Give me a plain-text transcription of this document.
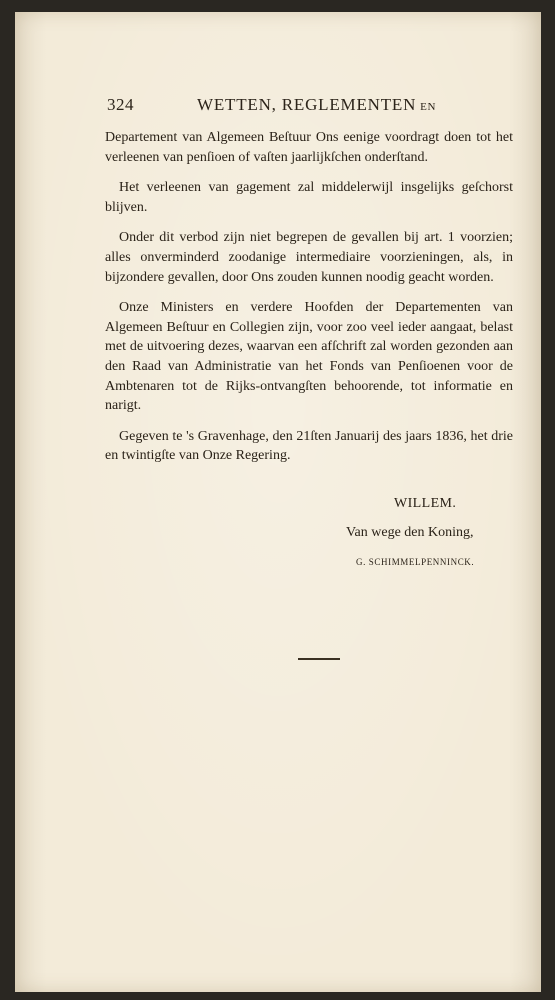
324	WETTEN, REGLEMENTEN EN

Departement van Algemeen Beſtuur Ons eenige voordragt doen tot het verleenen van penſioen of vaſten jaarlijkſchen onderſtand.

Het verleenen van gagement zal middelerwijl insgelijks geſchorst blijven.

Onder dit verbod zijn niet begrepen de gevallen bij art. 1 voorzien; alles onverminderd zoodanige intermediaire voorzieningen, als, in bijzondere gevallen, door Ons zouden kunnen noodig geacht worden.

Onze Ministers en verdere Hoofden der Departementen van Algemeen Beſtuur en Collegien zijn, voor zoo veel ieder aangaat, belast met de uitvoering dezes, waarvan een afſchrift zal worden gezonden aan den Raad van Administratie van het Fonds van Penſioenen voor de Ambtenaren tot de Rijks-ontvangſten behoorende, tot informatie en narigt.

Gegeven te 's Gravenhage, den 21ſten Januarij des jaars 1836, het drie en twintigſte van Onze Regering.

WILLEM.
Van wege den Koning,
G. SCHIMMELPENNINCK.
